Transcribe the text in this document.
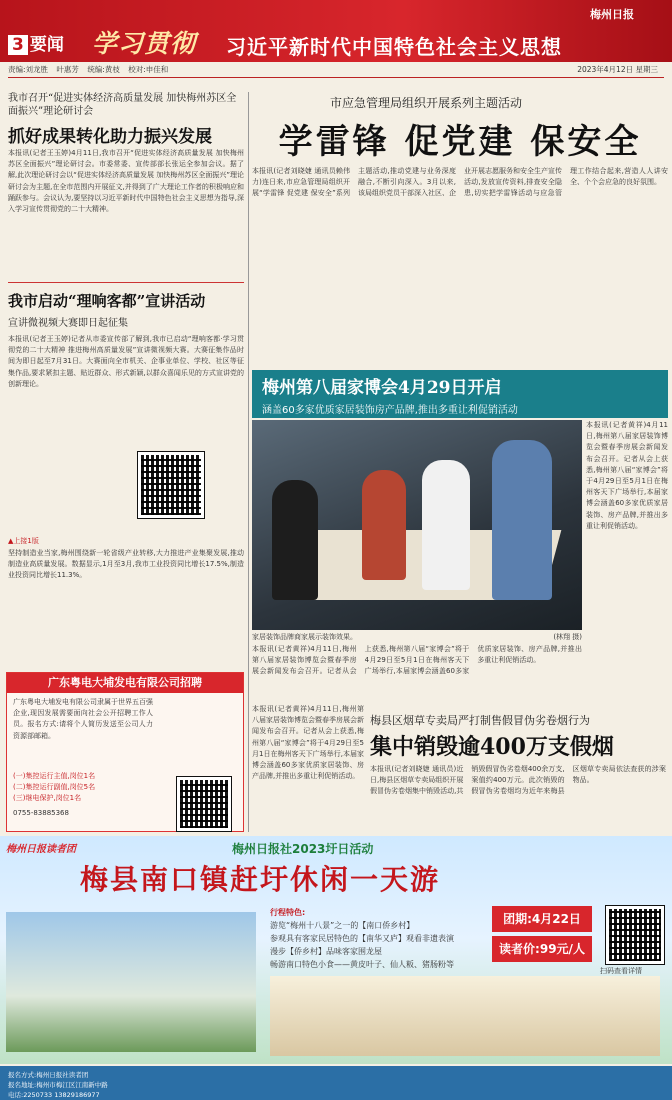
3 要闻 学习贯彻 习近平新时代中国特色社会主义思想
梅州日报
责编:刘龙胜 叶惠芳 统编:黄枝 校对:申佳和	2023年4月12日 星期三
我市召开“促进实体经济高质量发展 加快梅州苏区全面振兴”理论研讨会
抓好成果转化助力振兴发展
本报讯(记者王玉婷)4月11日,我市召开“促进实体经济高质量发展 加快梅州苏区全面振兴”理论研讨会。市委常委、宣传部部长张运全参加会议。据了解,此次理论研讨会以“促进实体经济高质量发展 加快梅州苏区全面振兴”理论研讨会为主题,在全市范围内开展征文,并得到了广大理论工作者的积极响应和踊跃参与。会议认为,要坚持以习近平新时代中国特色社会主义思想为指导,深入学习宣传贯彻党的二十大精神。
我市启动“理响客都”宣讲活动
宣讲微视频大赛即日起征集
本报讯(记者王玉婷)记者从市委宣传部了解到,我市已启动“理响客都·学习贯彻党的二十大精神 推进梅州高质量发展”宣讲微视频大赛。大赛征集作品时间为即日起至7月31日。大赛面向全市机关、企事业单位、学校、社区等征集作品,要求紧扣主题、贴近群众、形式新颖,以群众喜闻乐见的方式宣讲党的创新理论。
▲上接1版
坚持制造业当家,梅州围绕新一轮省级产业转移,大力推进产业集聚发展,推动制造业高质量发展。数据显示,1月至3月,我市工业投资同比增长17.5%,制造业投资同比增长11.3%。
市应急管理局组织开展系列主题活动
学雷锋 促党建 保安全
本报讯(记者刘晓婕 通讯员赖伟力)连日来,市应急管理局组织开展“学雷锋 促党建 保安全”系列主题活动,推动党建与业务深度融合,不断引向深入。3月以来,该局组织党员干部深入社区、企业开展志愿服务和安全生产宣传活动,发放宣传资料,排查安全隐患,切实把学雷锋活动与应急管理工作结合起来,营造人人讲安全、个个会应急的良好氛围。
梅州第八届家博会4月29日开启
涵盖60多家优质家居装饰房产品牌,推出多重让利促销活动
家居装饰品牌商家展示装饰效果。	(林翔 摄)
本报讯(记者黄祥)4月11日,梅州第八届家居装饰博览会暨春季房展会新闻发布会召开。记者从会上获悉,梅州第八届“家博会”将于4月29日至5月1日在梅州客天下广场举行,本届家博会涵盖60多家优质家居装饰、房产品牌,并推出多重让利促销活动。
本报讯(记者黄祥)4月11日,梅州第八届家居装饰博览会暨春季房展会新闻发布会召开。记者从会上获悉,梅州第八届“家博会”将于4月29日至5月1日在梅州客天下广场举行,本届家博会涵盖60多家优质家居装饰、房产品牌,并推出多重让利促销活动。
广东粤电大埔发电有限公司招聘
广东粤电大埔发电有限公司隶属于世界五百强企业,现因发展需要面向社会公开招聘工作人员。报名方式:请将个人简历发送至公司人力资源部邮箱。
(一)集控运行主值,岗位1名
(二)集控运行副值,岗位5名
(三)继电保护,岗位1名
0755-83885368
本报讯(记者黄祥)4月11日,梅州第八届家居装饰博览会暨春季房展会新闻发布会召开。记者从会上获悉,梅州第八届“家博会”将于4月29日至5月1日在梅州客天下广场举行,本届家博会涵盖60多家优质家居装饰、房产品牌,并推出多重让利促销活动。
梅县区烟草专卖局严打制售假冒伪劣卷烟行为
集中销毁逾400万支假烟
本报讯(记者刘晓婕 通讯员)近日,梅县区烟草专卖局组织开展假冒伪劣卷烟集中销毁活动,共销毁假冒伪劣卷烟400余万支,案值约400万元。此次销毁的假冒伪劣卷烟均为近年来梅县区烟草专卖局依法查获的涉案物品。
梅州日报读者团	梅州日报社2023圩日活动
梅县南口镇赶圩休闲一天游
行程特色:
游览“梅州十八景”之一的【南口侨乡村】
参观具有客家民居特色的【南华又庐】观看非遗表演
漫步【侨乡村】品味客家围龙屋
畅游南口特色小食——黄皮叶子、仙人粄、猪肠粉等
团期:4月22日
读者价:99元/人
扫码查看详情
报名方式:梅州日报社读者团
报名地址:梅州市梅江区江南新中路
电话:2250733 13829186977
